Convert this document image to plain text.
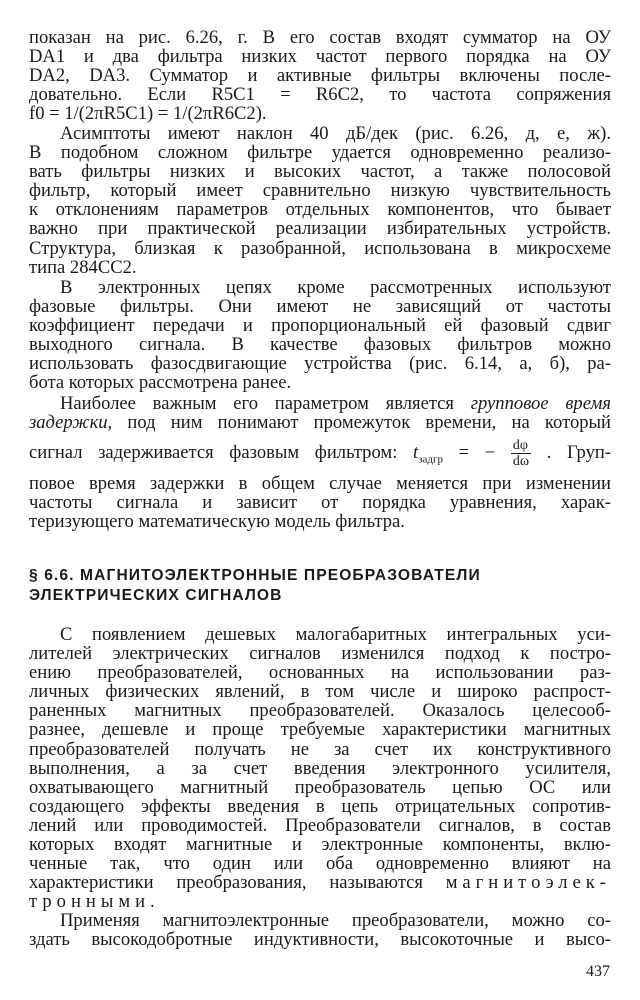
показан на рис. 6.26, г. В его состав входят сумматор на ОУ
DA1 и два фильтра низких частот первого порядка на ОУ
DA2, DA3. Сумматор и активные фильтры включены после-
довательно. Если R5C1 = R6C2, то частота сопряжения
f0 = 1/(2πR5C1) = 1/(2πR6C2).
Асимптоты имеют наклон 40 дБ/дек (рис. 6.26, д, е, ж).
В подобном сложном фильтре удается одновременно реализо-
вать фильтры низких и высоких частот, а также полосовой
фильтр, который имеет сравнительно низкую чувствительность
к отклонениям параметров отдельных компонентов, что бывает
важно при практической реализации избирательных устройств.
Структура, близкая к разобранной, использована в микросхеме
типа 284СС2.
В электронных цепях кроме рассмотренных используют
фазовые фильтры. Они имеют не зависящий от частоты
коэффициент передачи и пропорциональный ей фазовый сдвиг
выходного сигнала. В качестве фазовых фильтров можно
использовать фазосдвигающие устройства (рис. 6.14, а, б), ра-
бота которых рассмотрена ранее.
Наиболее важным его параметром является групповое время
задержки, под ним понимают промежуток времени, на который
сигнал задерживается фазовым фильтром: $t_{задгр}$ = − $\frac{d\varphi}{d\omega}$ . Груп-
повое время задержки в общем случае меняется при изменении
частоты сигнала и зависит от порядка уравнения, харак-
теризующего математическую модель фильтра.
§ 6.6. МАГНИТОЭЛЕКТРОННЫЕ ПРЕОБРАЗОВАТЕЛИ
ЭЛЕКТРИЧЕСКИХ СИГНАЛОВ
С появлением дешевых малогабаритных интегральных уси-
лителей электрических сигналов изменился подход к постро-
ению преобразователей, основанных на использовании раз-
личных физических явлений, в том числе и широко распрост-
раненных магнитных преобразователей. Оказалось целесооб-
разнее, дешевле и проще требуемые характеристики магнитных
преобразователей получать не за счет их конструктивного
выполнения, а за счет введения электронного усилителя,
охватывающего магнитный преобразователь цепью ОС или
создающего эффекты введения в цепь отрицательных сопротив-
лений или проводимостей. Преобразователи сигналов, в состав
которых входят магнитные и электронные компоненты, вклю-
ченные так, что один или оба одновременно влияют на
характеристики преобразования, называются магнитоэлек-
тронными.
Применяя магнитоэлектронные преобразователи, можно со-
здать высокодобротные индуктивности, высокоточные и высо-
437
